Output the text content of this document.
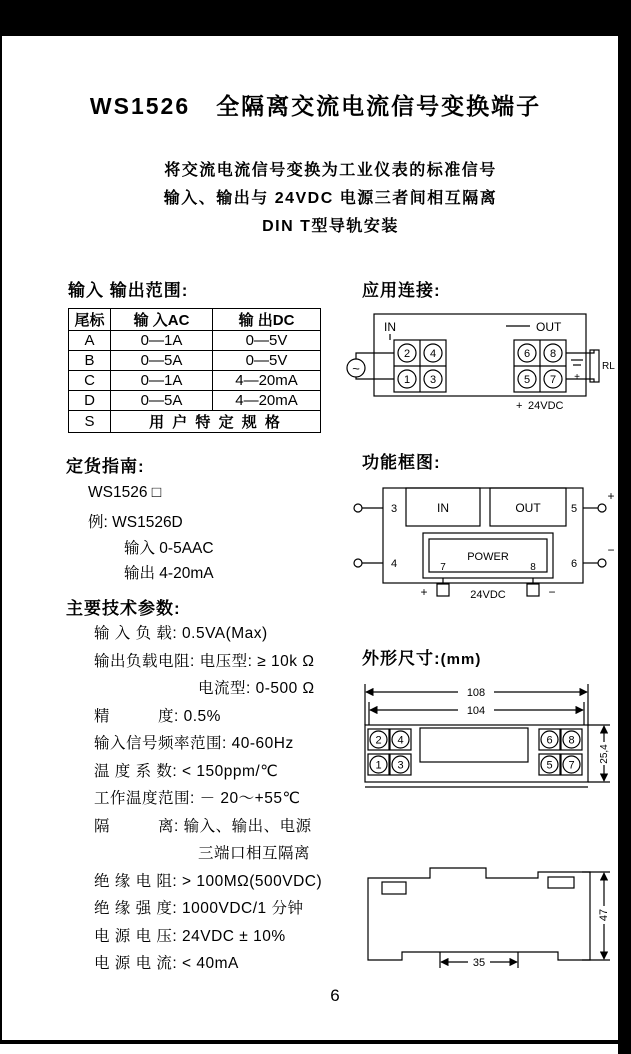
WS1526 全隔离交流电流信号变换端子
将交流电流信号变换为工业仪表的标准信号
输入、输出与 24VDC 电源三者间相互隔离
DIN T型导轨安装
输入 输出范围:
尾标	输 入AC	输 出DC
A	0—1A	0—5V
B	0—5A	0—5V
C	0—1A	4—20mA
D	0—5A	4—20mA
S	用 户 特 定 规 格	
定货指南:
WS1526 □
例: WS1526D
输入 0-5AAC
输出 4-20mA
主要技术参数:
输 入 负 载: 0.5VA(Max)
输出负载电阻: 电压型: ≥ 10k Ω
电流型: 0-500 Ω
精　　　度: 0.5%
输入信号频率范围: 40-60Hz
温 度 系 数: < 150ppm/℃
工作温度范围: － 20～+55℃
隔　　　离: 输入、输出、电源
三端口相互隔离
绝 缘 电 阻: > 100MΩ(500VDC)
绝 缘 强 度: 1000VDC/1 分钟
电 源 电 压: 24VDC ± 10%
电 源 电 流: < 40mA
应用连接:
IN	OUT
2 4
1 3
6 8
5 7
~	RL
+
+ 24VDC
功能框图:
IN	OUT
3
4
5
6
+
−
POWER
7	8
+	−
24VDC
外形尺寸:(mm)
108
104
2 4
1 3
6 8
5 7
25,4
47
35
6
